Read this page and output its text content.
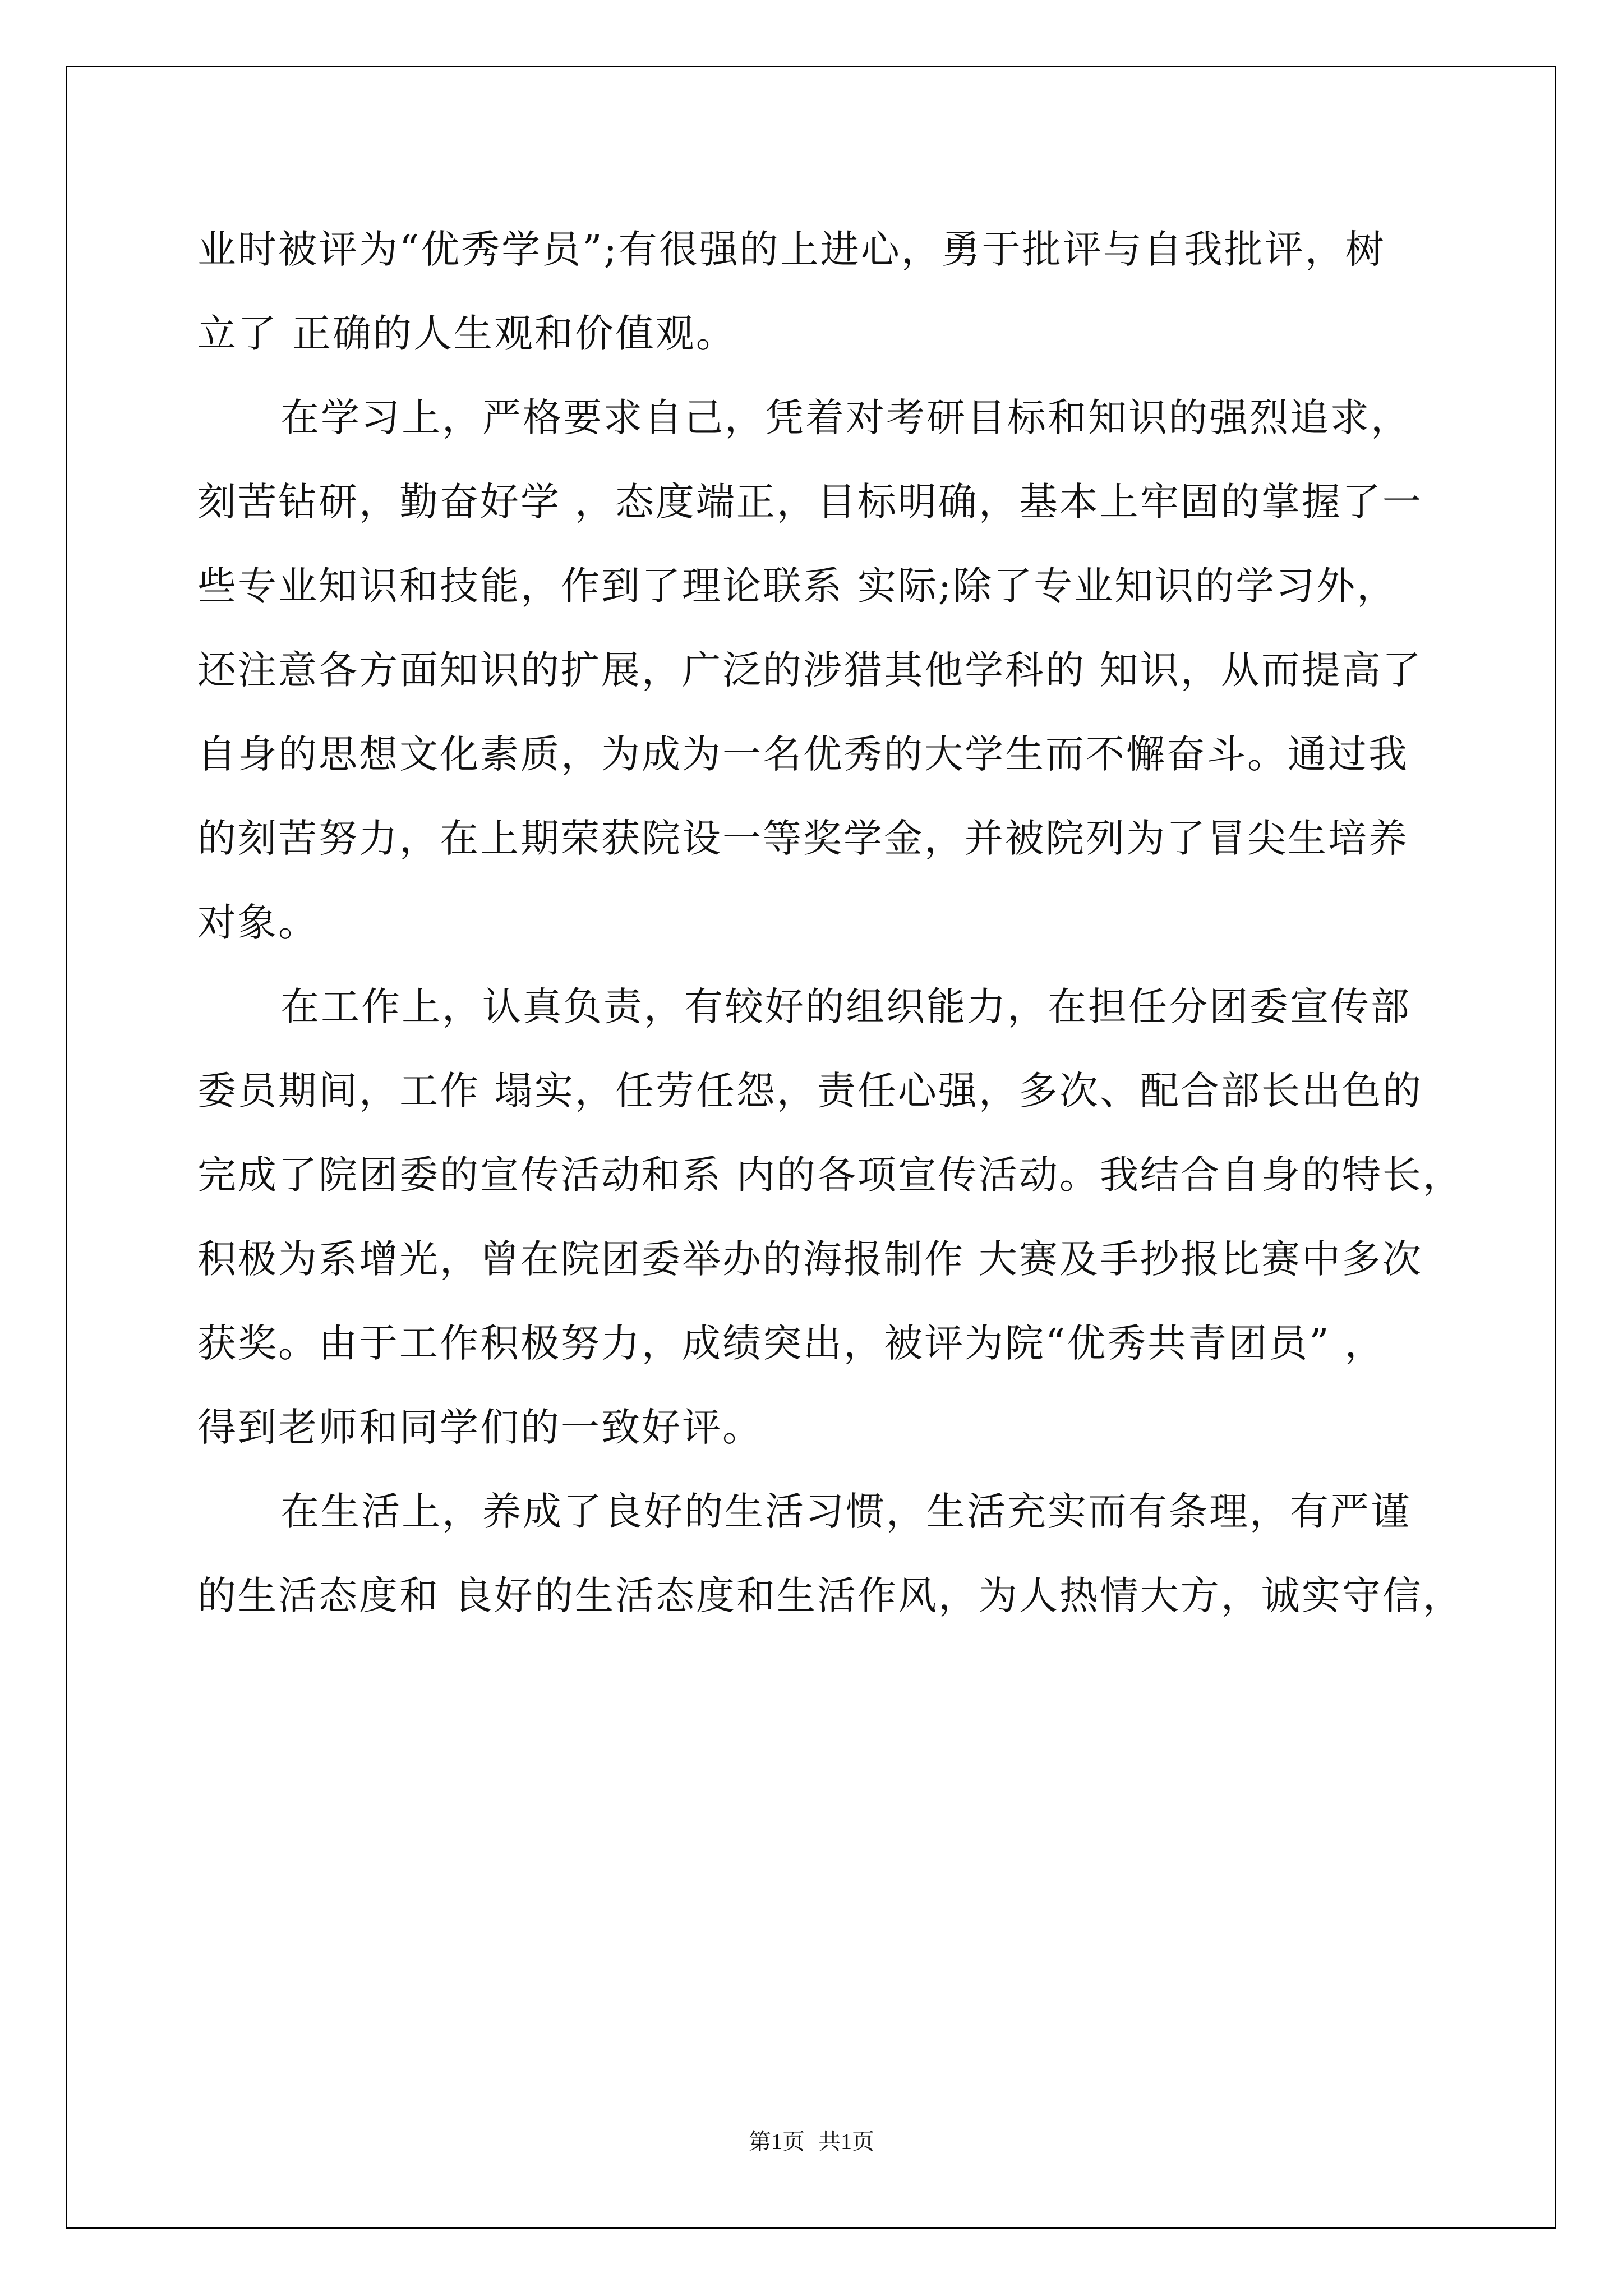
业时被评为“优秀学员”;有很强的上进心，勇于批评与自我批评，树
立了 正确的人生观和价值观。
在学习上，严格要求自己，凭着对考研目标和知识的强烈追求，
刻苦钻研，勤奋好学 ，态度端正，目标明确，基本上牢固的掌握了一
些专业知识和技能，作到了理论联系 实际;除了专业知识的学习外，
还注意各方面知识的扩展，广泛的涉猎其他学科的 知识，从而提高了
自身的思想文化素质，为成为一名优秀的大学生而不懈奋斗。通过我
的刻苦努力，在上期荣获院设一等奖学金，并被院列为了冒尖生培养
对象。
在工作上，认真负责，有较好的组织能力，在担任分团委宣传部
委员期间，工作 塌实，任劳任怨，责任心强，多次、配合部长出色的
完成了院团委的宣传活动和系 内的各项宣传活动。我结合自身的特长，
积极为系增光，曾在院团委举办的海报制作 大赛及手抄报比赛中多次
获奖。由于工作积极努力，成绩突出，被评为院“优秀共青团员” ，
得到老师和同学们的一致好评。
在生活上，养成了良好的生活习惯，生活充实而有条理，有严谨
的生活态度和 良好的生活态度和生活作风，为人热情大方，诚实守信，
第1页 共1页
